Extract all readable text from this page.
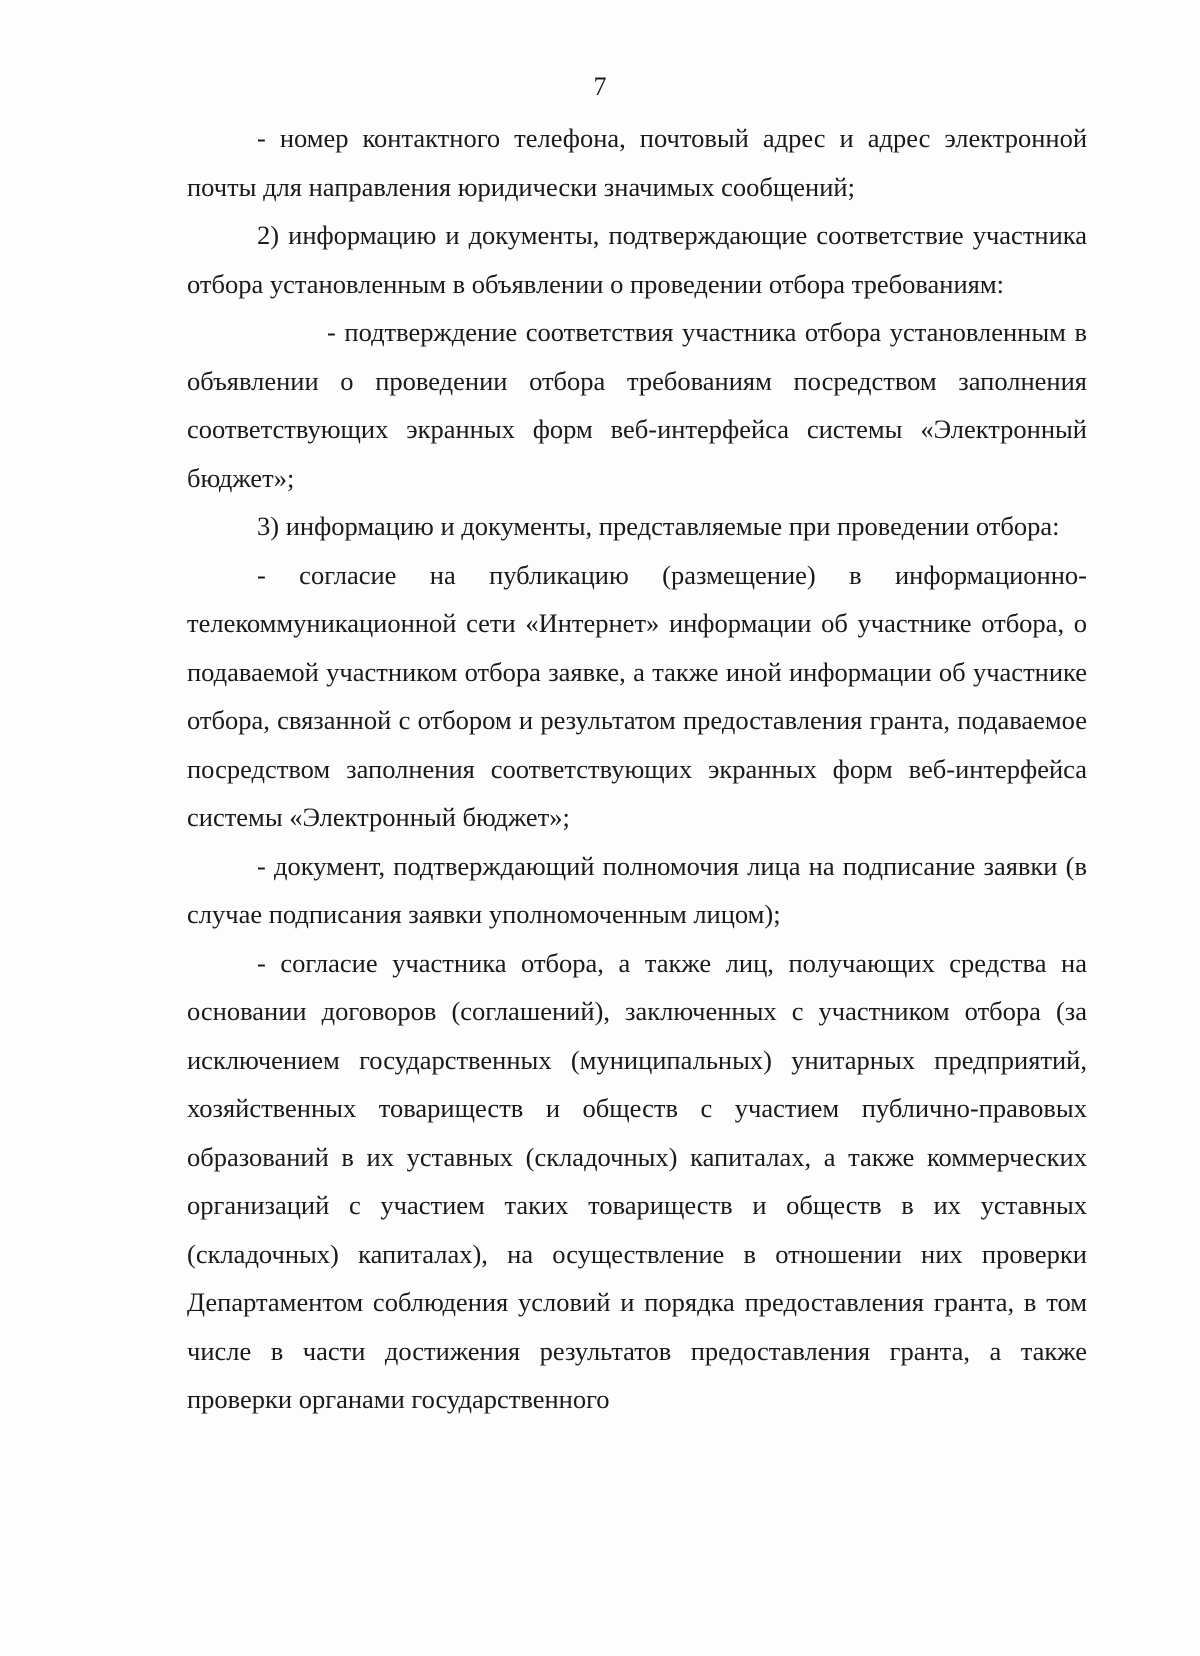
7

- номер контактного телефона, почтовый адрес и адрес электронной почты для направления юридически значимых сообщений;

2) информацию и документы, подтверждающие соответствие участника отбора установленным в объявлении о проведении отбора требованиям:

- подтверждение соответствия участника отбора установленным в объявлении о проведении отбора требованиям посредством заполнения соответствующих экранных форм веб-интерфейса системы «Электронный бюджет»;

3) информацию и документы, представляемые при проведении отбора:

- согласие на публикацию (размещение) в информационно-телекоммуникационной сети «Интернет» информации об участнике отбора, о подаваемой участником отбора заявке, а также иной информации об участнике отбора, связанной с отбором и результатом предоставления гранта, подаваемое посредством заполнения соответствующих экранных форм веб-интерфейса системы «Электронный бюджет»;

- документ, подтверждающий полномочия лица на подписание заявки (в случае подписания заявки уполномоченным лицом);

- согласие участника отбора, а также лиц, получающих средства на основании договоров (соглашений), заключенных с участником отбора (за исключением государственных (муниципальных) унитарных предприятий, хозяйственных товариществ и обществ с участием публично-правовых образований в их уставных (складочных) капиталах, а также коммерческих организаций с участием таких товариществ и обществ в их уставных (складочных) капиталах), на осуществление в отношении них проверки Департаментом соблюдения условий и порядка предоставления гранта, в том числе в части достижения результатов предоставления гранта, а также проверки органами государственного
